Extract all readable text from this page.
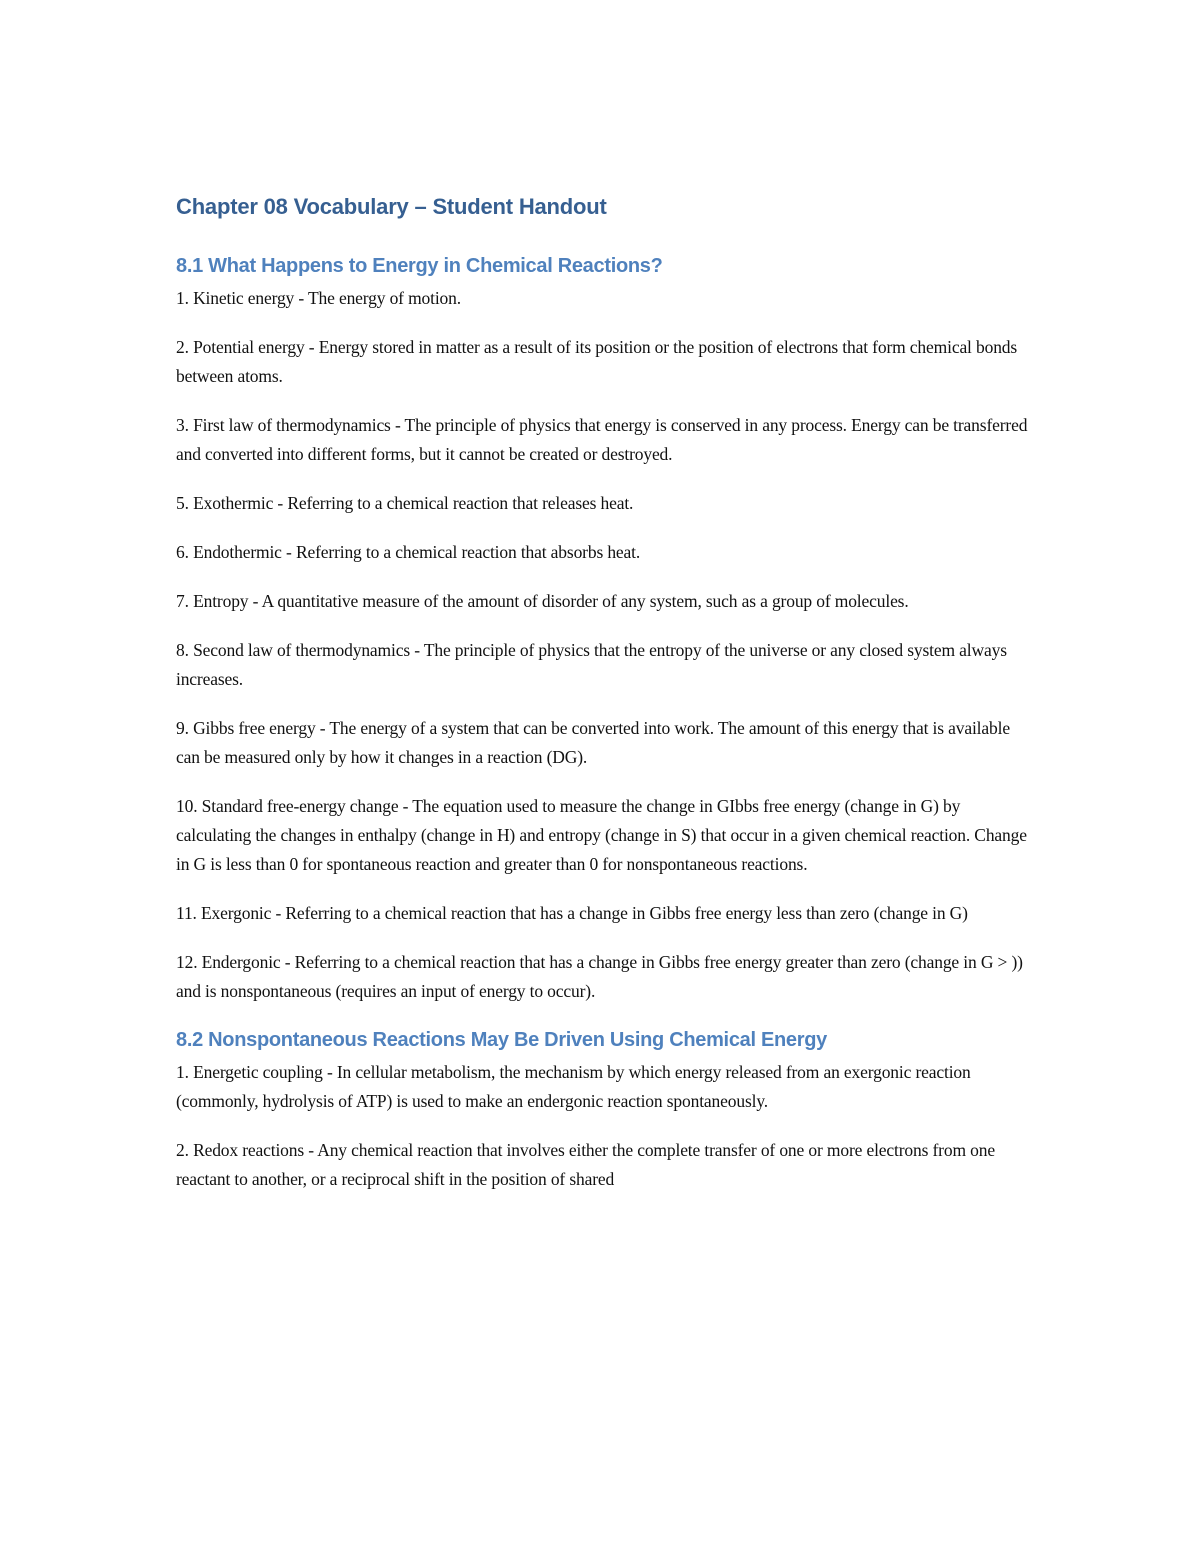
Chapter 08 Vocabulary – Student Handout
8.1 What Happens to Energy in Chemical Reactions?

1. Kinetic energy - The energy of motion.

2. Potential energy - Energy stored in matter as a result of its position or the position of electrons that form chemical bonds between atoms.

3. First law of thermodynamics - The principle of physics that energy is conserved in any process. Energy can be transferred and converted into different forms, but it cannot be created or destroyed.

5. Exothermic - Referring to a chemical reaction that releases heat.

6. Endothermic - Referring to a chemical reaction that absorbs heat.

7. Entropy - A quantitative measure of the amount of disorder of any system, such as a group of molecules.

8. Second law of thermodynamics - The principle of physics that the entropy of the universe or any closed system always increases.

9. Gibbs free energy - The energy of a system that can be converted into work. The amount of this energy that is available can be measured only by how it changes in a reaction (DG).

10. Standard free-energy change - The equation used to measure the change in GIbbs free energy (change in G) by calculating the changes in enthalpy (change in H) and entropy (change in S) that occur in a given chemical reaction. Change in G is less than 0 for spontaneous reaction and greater than 0 for nonspontaneous reactions.

11. Exergonic - Referring to a chemical reaction that has a change in Gibbs free energy less than zero (change in G)

12. Endergonic - Referring to a chemical reaction that has a change in Gibbs free energy greater than zero (change in G > )) and is nonspontaneous (requires an input of energy to occur).

8.2 Nonspontaneous Reactions May Be Driven Using Chemical Energy

1. Energetic coupling - In cellular metabolism, the mechanism by which energy released from an exergonic reaction (commonly, hydrolysis of ATP) is used to make an endergonic reaction spontaneously.

2. Redox reactions - Any chemical reaction that involves either the complete transfer of one or more electrons from one reactant to another, or a reciprocal shift in the position of shared
